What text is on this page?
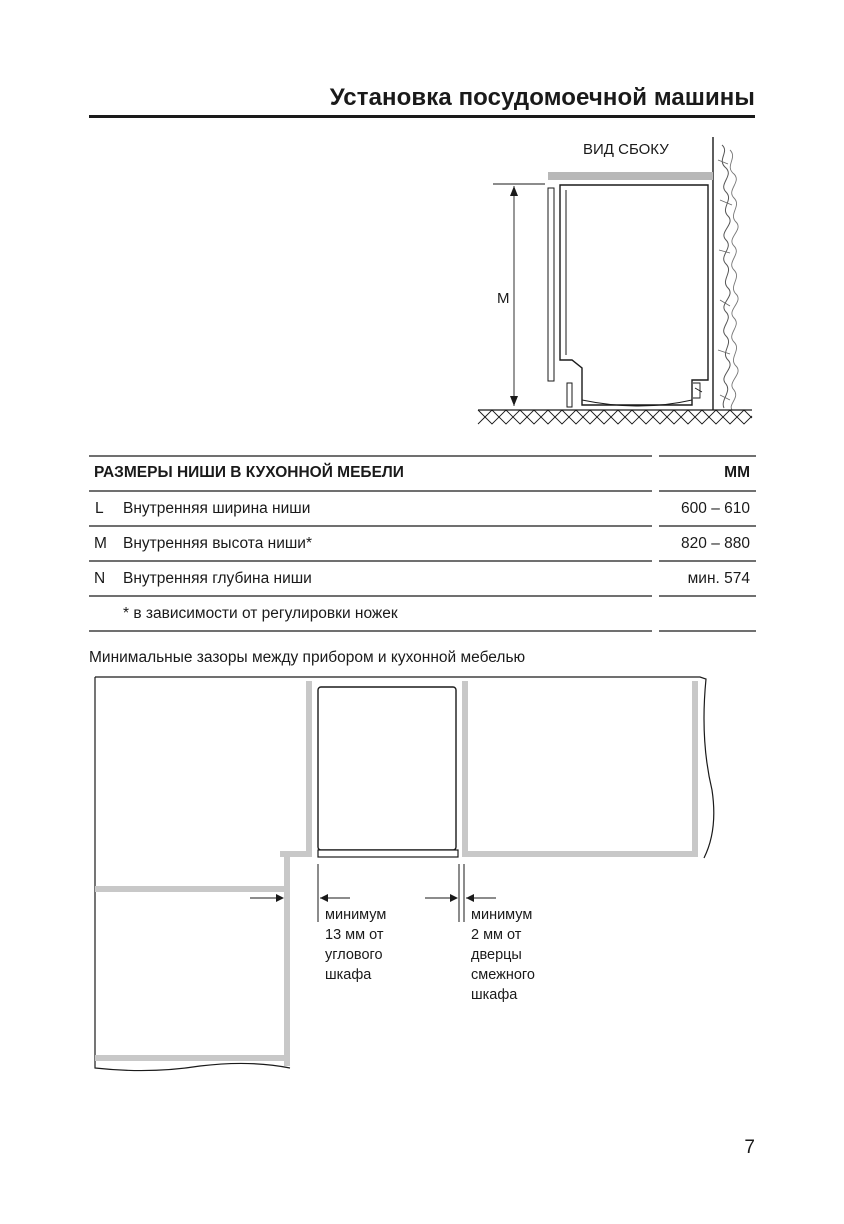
Установка посудомоечной машины
ВИД СБОКУ
M
РАЗМЕРЫ НИШИ В КУХОННОЙ МЕБЕЛИ	ММ
L Внутренняя ширина ниши	600 – 610
M Внутренняя высота ниши*	820 – 880
N Внутренняя глубина ниши	мин. 574
* в зависимости от регулировки ножек
Минимальные зазоры между прибором и кухонной мебелью
минимум
13 мм от
углового
шкафа
минимум
2 мм от
дверцы
смежного
шкафа
7
